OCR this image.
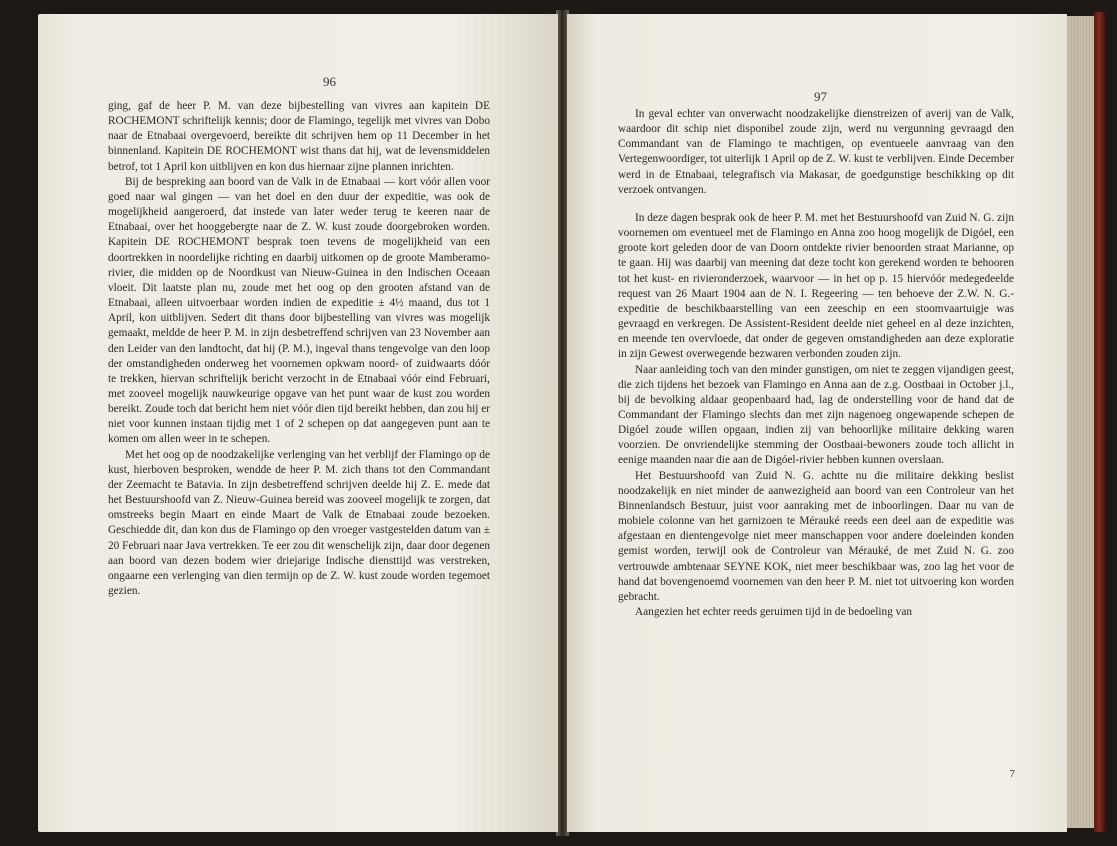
96

ging, gaf de heer P. M. van deze bijbestelling van vivres aan kapitein DE ROCHEMONT schriftelijk kennis; door de Flamingo, tegelijk met vivres van Dobo naar de Etnabaai overgevoerd, bereikte dit schrijven hem op 11 December in het binnenland. Kapitein DE ROCHEMONT wist thans dat hij, wat de levensmiddelen betrof, tot 1 April kon uitblijven en kon dus hiernaar zijne plannen inrichten.

Bij de bespreking aan boord van de Valk in de Etnabaai — kort vóór allen voor goed naar wal gingen — van het doel en den duur der expeditie, was ook de mogelijkheid aangeroerd, dat instede van later weder terug te keeren naar de Etnabaai, over het hooggebergte naar de Z. W. kust zoude doorgebroken worden. Kapitein DE ROCHEMONT besprak toen tevens de mogelijkheid van een doortrekken in noordelijke richting en daarbij uitkomen op de groote Mamberamo-rivier, die midden op de Noordkust van Nieuw-Guinea in den Indischen Oceaan vloeit. Dit laatste plan nu, zoude met het oog op den grooten afstand van de Etnabaai, alleen uitvoerbaar worden indien de expeditie ± 4½ maand, dus tot 1 April, kon uitblijven. Sedert dit thans door bijbestelling van vivres was mogelijk gemaakt, meldde de heer P. M. in zijn desbetreffend schrijven van 23 November aan den Leider van den landtocht, dat hij (P. M.), ingeval thans tengevolge van den loop der omstandigheden onderweg het voornemen opkwam noord- of zuidwaarts dóór te trekken, hiervan schriftelijk bericht verzocht in de Etnabaai vóór eind Februari, met zooveel mogelijk nauwkeurige opgave van het punt waar de kust zou worden bereikt. Zoude toch dat bericht hem niet vóór dien tijd bereikt hebben, dan zou hij er niet voor kunnen instaan tijdig met 1 of 2 schepen op dat aangegeven punt aan te komen om allen weer in te schepen.

Met het oog op de noodzakelijke verlenging van het verblijf der Flamingo op de kust, hierboven besproken, wendde de heer P. M. zich thans tot den Commandant der Zeemacht te Batavia. In zijn desbetreffend schrijven deelde hij Z. E. mede dat het Bestuurshoofd van Z. Nieuw-Guinea bereid was zooveel mogelijk te zorgen, dat omstreeks begin Maart en einde Maart de Valk de Etnabaai zoude bezoeken. Geschiedde dit, dan kon dus de Flamingo op den vroeger vastgestelden datum van ± 20 Februari naar Java vertrekken. Te eer zou dit wenschelijk zijn, daar door degenen aan boord van dezen bodem wier driejarige Indische diensttijd was verstreken, ongaarne een verlenging van dien termijn op de Z. W. kust zoude worden tegemoet gezien.

97

In geval echter van onverwacht noodzakelijke dienstreizen of averij van de Valk, waardoor dit schip niet disponibel zoude zijn, werd nu vergunning gevraagd den Commandant van de Flamingo te machtigen, op eventueele aanvraag van den Vertegenwoordiger, tot uiterlijk 1 April op de Z. W. kust te verblijven. Einde December werd in de Etnabaai, telegrafisch via Makasar, de goedgunstige beschikking op dit verzoek ontvangen.

In deze dagen besprak ook de heer P. M. met het Bestuurshoofd van Zuid N. G. zijn voornemen om eventueel met de Flamingo en Anna zoo hoog mogelijk de Digóel, een groote kort geleden door de van Doorn ontdekte rivier benoorden straat Marianne, op te gaan. Hij was daarbij van meening dat deze tocht kon gerekend worden te behooren tot het kust- en rivieronderzoek, waarvoor — in het op p. 15 hiervóór medegedeelde request van 26 Maart 1904 aan de N. I. Regeering — ten behoeve der Z.W. N. G.-expeditie de beschikbaarstelling van een zeeschip en een stoomvaartuigje was gevraagd en verkregen. De Assistent-Resident deelde niet geheel en al deze inzichten, en meende ten overvloede, dat onder de gegeven omstandigheden aan deze exploratie in zijn Gewest overwegende bezwaren verbonden zouden zijn.

Naar aanleiding toch van den minder gunstigen, om niet te zeggen vijandigen geest, die zich tijdens het bezoek van Flamingo en Anna aan de z.g. Oostbaai in October j.l., bij de bevolking aldaar geopenbaard had, lag de onderstelling voor de hand dat de Commandant der Flamingo slechts dan met zijn nagenoeg ongewapende schepen de Digóel zoude willen opgaan, indien zij van behoorlijke militaire dekking waren voorzien. De onvriendelijke stemming der Oostbaai-bewoners zoude toch allicht in eenige maanden naar die aan de Digóel-rivier hebben kunnen overslaan.

Het Bestuurshoofd van Zuid N. G. achtte nu die militaire dekking beslist noodzakelijk en niet minder de aanwezigheid aan boord van een Controleur van het Binnenlandsch Bestuur, juist voor aanraking met de inboorlingen. Daar nu van de mobiele colonne van het garnizoen te Mérauké reeds een deel aan de expeditie was afgestaan en dientengevolge niet meer manschappen voor andere doeleinden konden gemist worden, terwijl ook de Controleur van Mérauké, de met Zuid N. G. zoo vertrouwde ambtenaar SEYNE KOK, niet meer beschikbaar was, zoo lag het voor de hand dat bovengenoemd voornemen van den heer P. M. niet tot uitvoering kon worden gebracht.

Aangezien het echter reeds geruimen tijd in de bedoeling van

7
